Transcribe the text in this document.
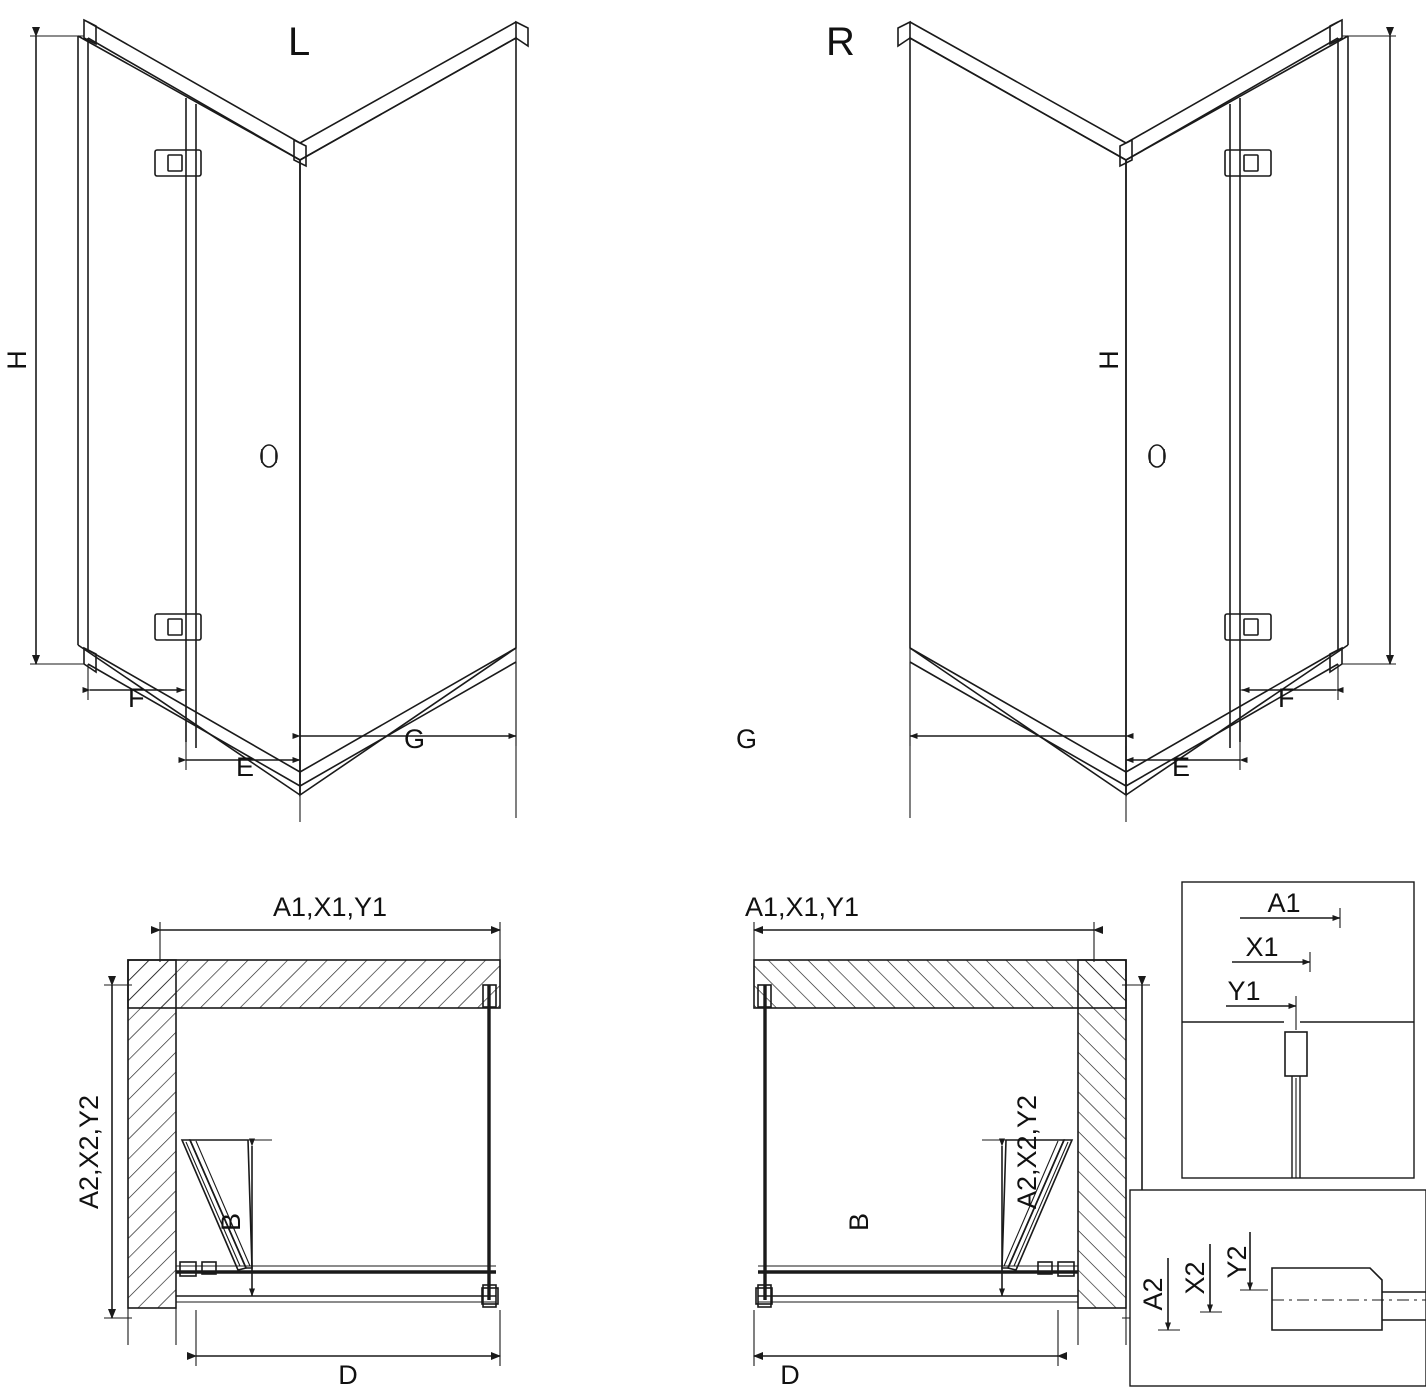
L	R
H	H
F
E
G
F
E
G
A1,X1,Y1	A1,X1,Y1
A2,X2,Y2	A2,X2,Y2
B	B
D	D
A1
X1
Y1
A2 X2 Y2
